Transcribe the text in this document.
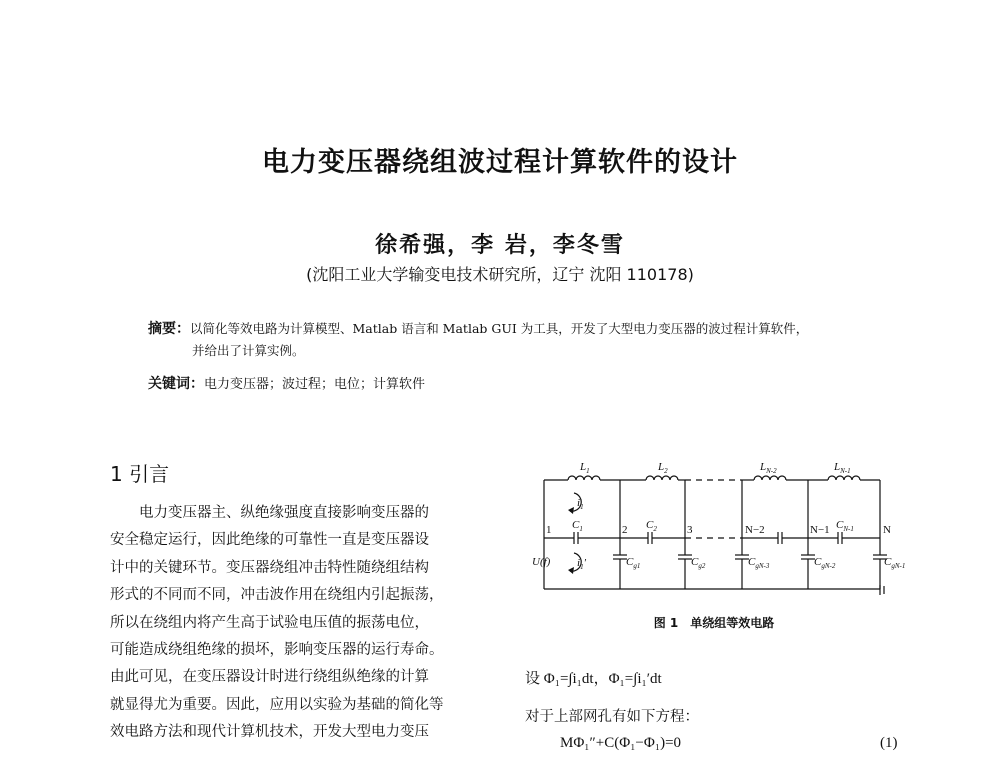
电力变压器绕组波过程计算软件的设计
徐希强，李 岩，李冬雪
(沈阳工业大学输变电技术研究所，辽宁 沈阳 110178)
摘要：以简化等效电路为计算模型、Matlab 语言和 Matlab GUI 为工具，开发了大型电力变压器的波过程计算软件，
并给出了计算实例。
关键词：电力变压器；波过程；电位；计算软件
1 引言
电力变压器主、纵绝缘强度直接影响变压器的
安全稳定运行，因此绝缘的可靠性一直是变压器设
计中的关键环节。变压器绕组冲击特性随绕组结构
形式的不同而不同，冲击波作用在绕组内引起振荡，
所以在绕组内将产生高于试验电压值的振荡电位，
可能造成绕组绝缘的损坏，影响变压器的运行寿命。
由此可见，在变压器设计时进行绕组纵绝缘的计算
就显得尤为重要。因此，应用以实验为基础的简化等
效电路方法和现代计算机技术，开发大型电力变压
$L_1$	$L_2$	$L_{N-2}$	$L_{N-1}$
$C_1$	$C_2$	$C_{N-1}$
$C_{g1}$	$C_{g2}$	$C_{gN-3}$	$C_{gN-2}$	$C_{gN-1}$
U(f)
$i_1$
$i_1'$
1	2	3	N−2	N−1	N
图 1　单绕组等效电路
设 Φ₁=∫i₁dt，Φ₁=∫i₁′dt
对于上部网孔有如下方程：
MΦ₁″+C(Φ₁−Φ₁)=0	(1)
